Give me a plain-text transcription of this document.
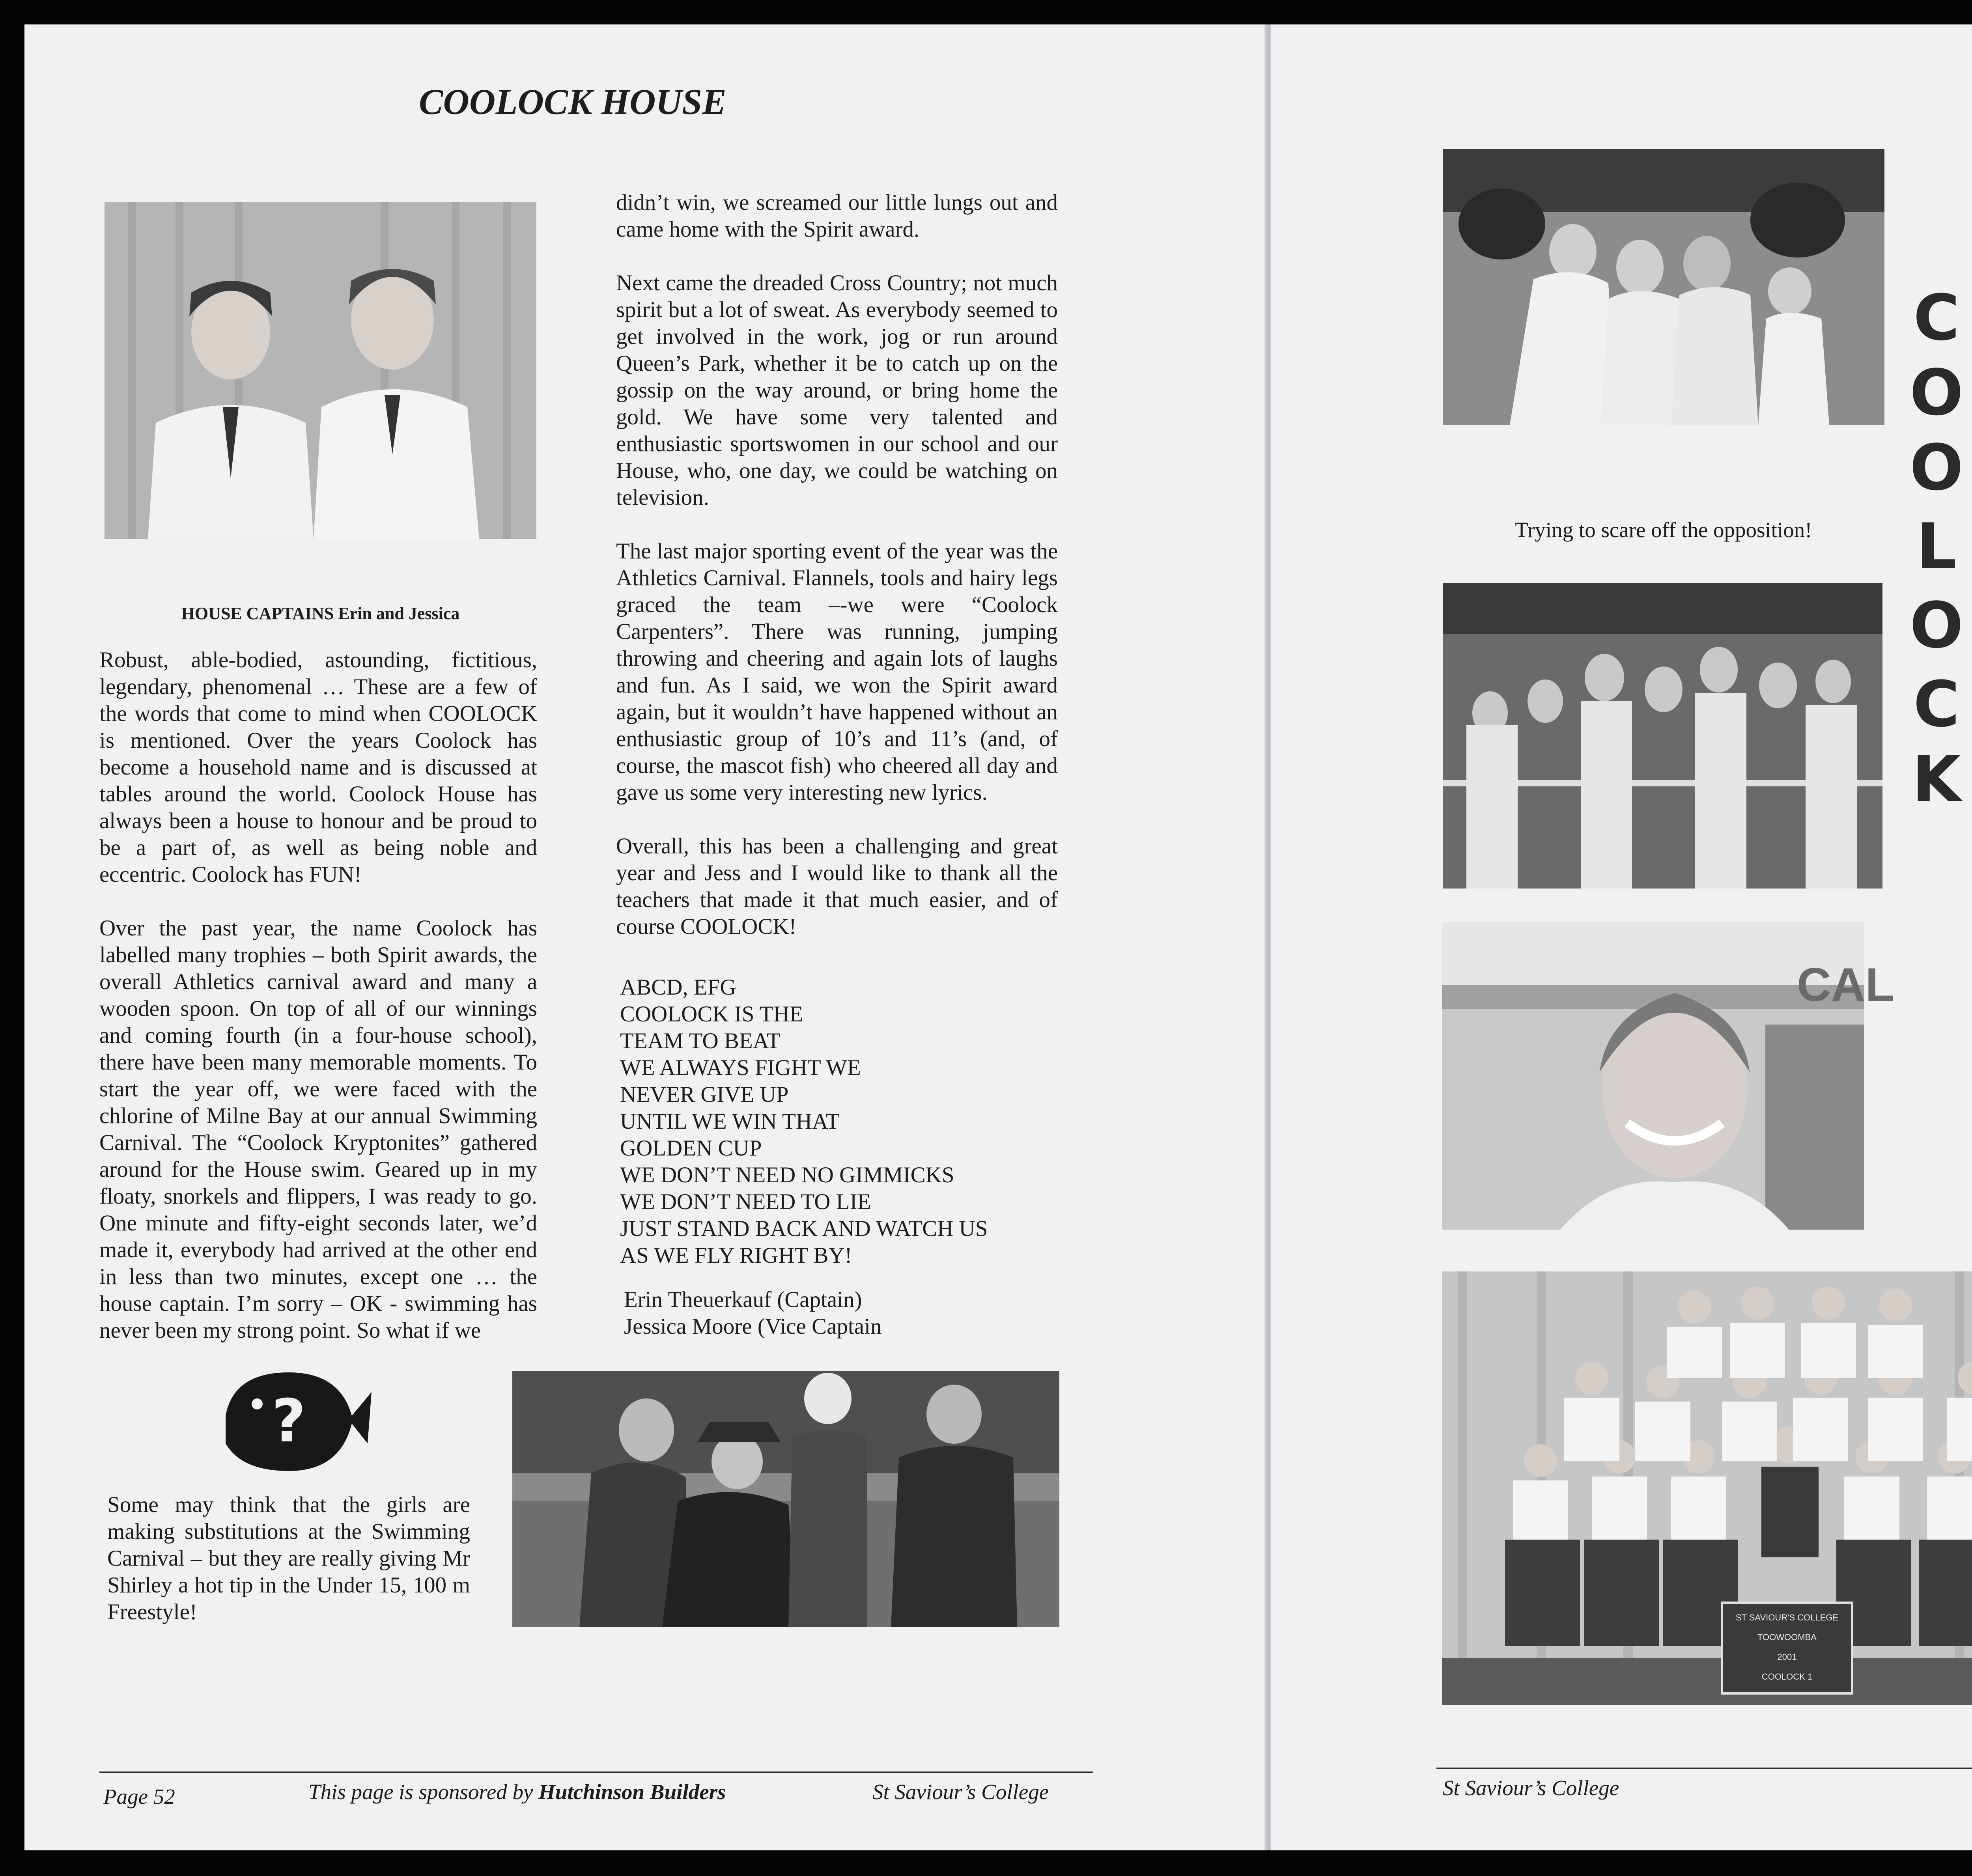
COOLOCK HOUSE
HOUSE CAPTAINS Erin and Jessica

Robust, able-bodied, astounding, fictitious, legendary, phenomenal … These are a few of the words that come to mind when COOLOCK is mentioned. Over the years Coolock has become a household name and is discussed at tables around the world. Coolock House has always been a house to honour and be proud to be a part of, as well as being noble and eccentric. Coolock has FUN!

Over the past year, the name Coolock has labelled many trophies – both Spirit awards, the overall Athletics carnival award and many a wooden spoon. On top of all of our winnings and coming fourth (in a four-house school), there have been many memorable moments. To start the year off, we were faced with the chlorine of Milne Bay at our annual Swimming Carnival. The “Coolock Kryptonites” gathered around for the House swim. Geared up in my floaty, snorkels and flippers, I was ready to go. One minute and fifty-eight seconds later, we’d made it, everybody had arrived at the other end in less than two minutes, except one … the house captain. I’m sorry – OK - swimming has never been my strong point. So what if we

didn’t win, we screamed our little lungs out and came home with the Spirit award.

Next came the dreaded Cross Country; not much spirit but a lot of sweat. As everybody seemed to get involved in the work, jog or run around Queen’s Park, whether it be to catch up on the gossip on the way around, or bring home the gold. We have some very talented and enthusiastic sportswomen in our school and our House, who, one day, we could be watching on television.

The last major sporting event of the year was the Athletics Carnival. Flannels, tools and hairy legs graced the team –-we were “Coolock Carpenters”. There was running, jumping throwing and cheering and again lots of laughs and fun. As I said, we won the Spirit award again, but it wouldn’t have happened without an enthusiastic group of 10’s and 11’s (and, of course, the mascot fish) who cheered all day and gave us some very interesting new lyrics.

Overall, this has been a challenging and great year and Jess and I would like to thank all the teachers that made it that much easier, and of course COOLOCK!

ABCD, EFG
COOLOCK IS THE
TEAM TO BEAT
WE ALWAYS FIGHT WE
NEVER GIVE UP
UNTIL WE WIN THAT
GOLDEN CUP
WE DON’T NEED NO GIMMICKS
WE DON’T NEED TO LIE
JUST STAND BACK AND WATCH US
AS WE FLY RIGHT BY!
Erin Theuerkauf (Captain)
Jessica Moore (Vice Captain
?

Some may think that the girls are making substitutions at the Swimming Carnival – but they are really giving Mr Shirley a hot tip in the Under 15, 100 m Freestyle!

Page 52	This page is sponsored by Hutchinson Builders	St Saviour’s College
Trying to scare off the opposition!
C
O
O
L
O
C
K
CAL
ST SAVIOUR'S COLLEGE
TOOWOOMBA
2001
COOLOCK 1
St Saviour’s College
